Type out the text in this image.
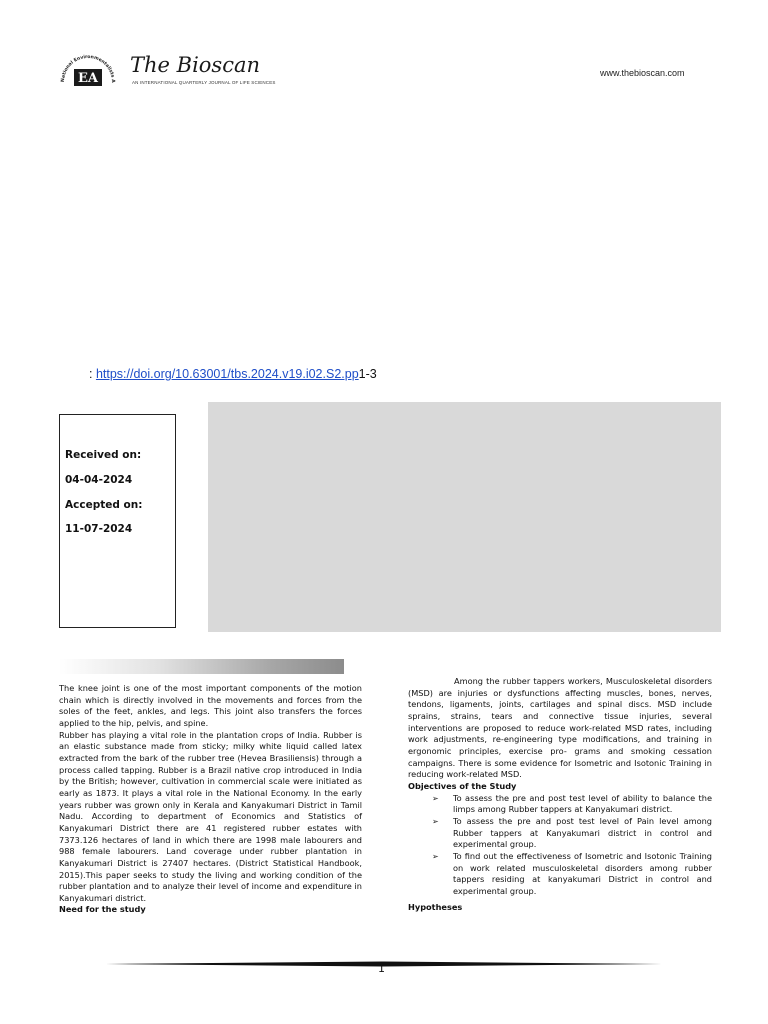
National Environmentalists A
EA
The Bioscan
AN INTERNATIONAL QUARTERLY JOURNAL OF LIFE SCIENCES
www.thebioscan.com
: https://doi.org/10.63001/tbs.2024.v19.i02.S2.pp1-3
Received on:
04-04-2024
Accepted on:
11-07-2024

The knee joint is one of the most important components of the motion chain which is directly involved in the movements and forces from the soles of the feet, ankles, and legs. This joint also transfers the forces applied to the hip, pelvis, and spine.

Rubber has playing a vital role in the plantation crops of India. Rubber is an elastic substance made from sticky; milky white liquid called latex extracted from the bark of the rubber tree (Hevea Brasiliensis) through a process called tapping. Rubber is a Brazil native crop introduced in India by the British; however, cultivation in commercial scale were initiated as early as 1873. It plays a vital role in the National Economy. In the early years rubber was grown only in Kerala and Kanyakumari District in Tamil Nadu. According to department of Economics and Statistics of Kanyakumari District there are 41 registered rubber estates with 7373.126 hectares of land in which there are 1998 male labourers and 988 female labourers. Land coverage under rubber plantation in Kanyakumari District is 27407 hectares. (District Statistical Handbook, 2015).This paper seeks to study the living and working condition of the rubber plantation and to analyze their level of income and expenditure in Kanyakumari district.

Need for the study

Among the rubber tappers workers, Musculoskeletal disorders (MSD) are injuries or dysfunctions affecting muscles, bones, nerves, tendons, ligaments, joints, cartilages and spinal discs. MSD include sprains, strains, tears and connective tissue injuries, several interventions are proposed to reduce work-related MSD rates, including work adjustments, re-engineering type modifications, and training in ergonomic principles, exercise pro- grams and smoking cessation campaigns. There is some evidence for Isometric and Isotonic Training in reducing work-related MSD.

Objectives of the Study

➢ To assess the pre and post test level of ability to balance the limps among Rubber tappers at Kanyakumari district.
➢ To assess the pre and post test level of Pain level among Rubber tappers at Kanyakumari district in control and experimental group.
➢ To find out the effectiveness of Isometric and Isotonic Training on work related musculoskeletal disorders among rubber tappers residing at kanyakumari District in control and experimental group.

Hypotheses

1
